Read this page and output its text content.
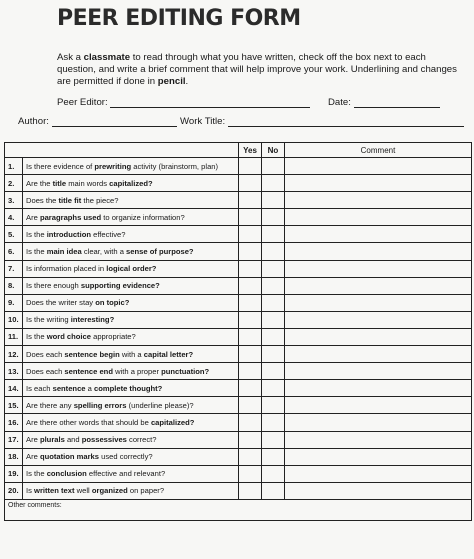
PEER EDITING FORM
Ask a classmate to read through what you have written, check off the box next to each question, and write a brief comment that will help improve your work. Underlining and changes are permitted if done in pencil.
Peer Editor:	Date:
Author:	Work Title:
		Yes	No	Comment
1.	Is there evidence of prewriting activity (brainstorm, plan)			
2.	Are the title main words capitalized?			
3.	Does the title fit the piece?			
4.	Are paragraphs used to organize information?			
5.	Is the introduction effective?			
6.	Is the main idea clear, with a sense of purpose?			
7.	Is information placed in logical order?			
8.	Is there enough supporting evidence?			
9.	Does the writer stay on topic?			
10.	Is the writing interesting?			
11.	Is the word choice appropriate?			
12.	Does each sentence begin with a capital letter?			
13.	Does each sentence end with a proper punctuation?			
14.	Is each sentence a complete thought?			
15.	Are there any spelling errors (underline please)?			
16.	Are there other words that should be capitalized?			
17.	Are plurals and possessives correct?			
18.	Are quotation marks used correctly?			
19.	Is the conclusion effective and relevant?			
20.	Is written text well organized on paper?			
Other comments:				
